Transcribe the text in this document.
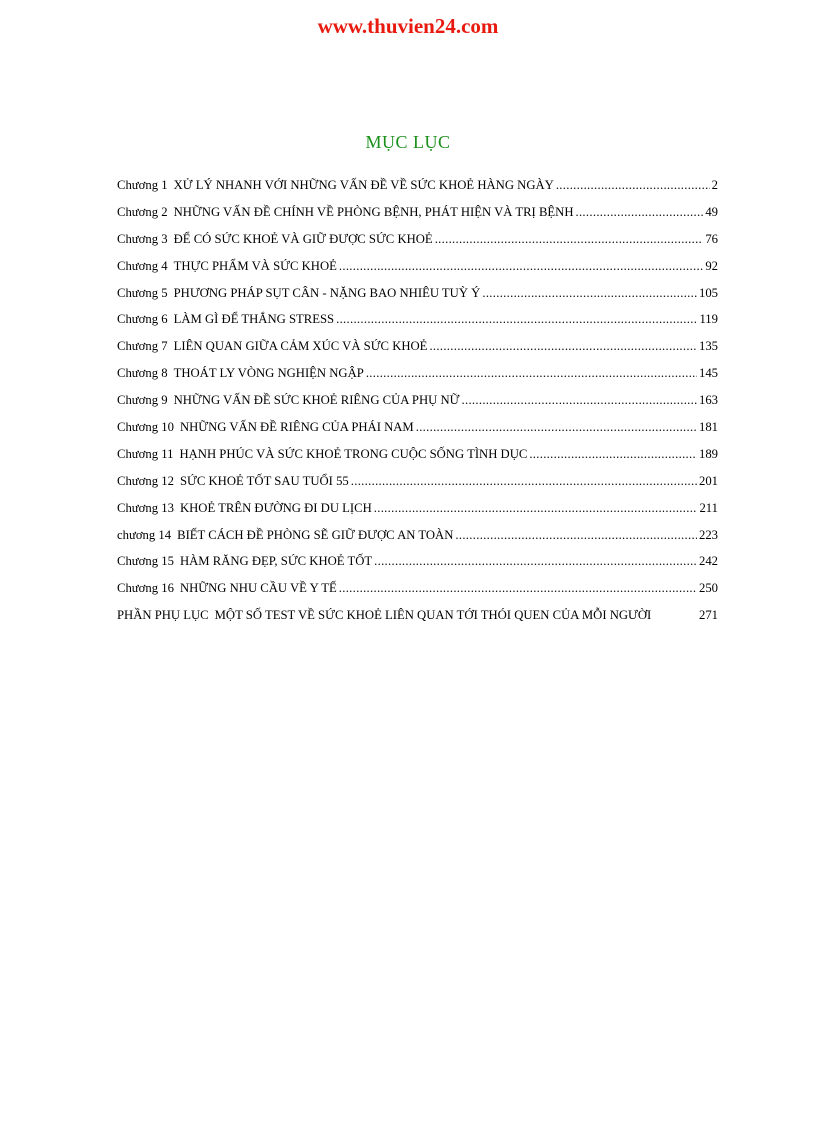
www.thuvien24.com
MỤC LỤC
Chương 1 XỬ LÝ NHANH VỚI NHỮNG VẤN ĐỀ VỀ SỨC KHOẺ HÀNG NGÀY .....	2
Chương 2 NHỮNG VẤN ĐỀ CHÍNH VỀ PHÒNG BỆNH, PHÁT HIỆN VÀ TRỊ BỆNH .....	49
Chương 3 ĐỂ CÓ SỨC KHOẺ VÀ GIỮ ĐƯỢC SỨC KHOẺ .....	76
Chương 4 THỰC PHẨM VÀ SỨC KHOẺ .....	92
Chương 5 PHƯƠNG PHÁP SỤT CÂN - NẶNG BAO NHIÊU TUỲ Ý .....	105
Chương 6 LÀM GÌ ĐỂ THẮNG STRESS .....	119
Chương 7 LIÊN QUAN GIỮA CẢM XÚC VÀ SỨC KHOẺ .....	135
Chương 8 THOÁT LY VÒNG NGHIỆN NGẬP .....	145
Chương 9 NHỮNG VẤN ĐỀ SỨC KHOẺ RIÊNG CỦA PHỤ NỮ .....	163
Chương 10 NHỮNG VẤN ĐỀ RIÊNG CỦA PHÁI NAM .....	181
Chương 11 HẠNH PHÚC VÀ SỨC KHOẺ TRONG CUỘC SỐNG TÌNH DỤC .....	189
Chương 12 SỨC KHOẺ TỐT SAU TUỔI 55 .....	201
Chương 13 KHOẺ TRÊN ĐƯỜNG ĐI DU LỊCH .....	211
chương 14 BIẾT CÁCH ĐỀ PHÒNG SẼ GIỮ ĐƯỢC AN TOÀN .....	223
Chương 15 HÀM RĂNG ĐẸP, SỨC KHOẺ TỐT .....	242
Chương 16 NHỮNG NHU CẦU VỀ Y TẾ .....	250
PHẦN PHỤ LỤC MỘT SỐ TEST VỀ SỨC KHOẺ LIÊN QUAN TỚI THÓI QUEN CỦA MỖI NGƯỜI	271
